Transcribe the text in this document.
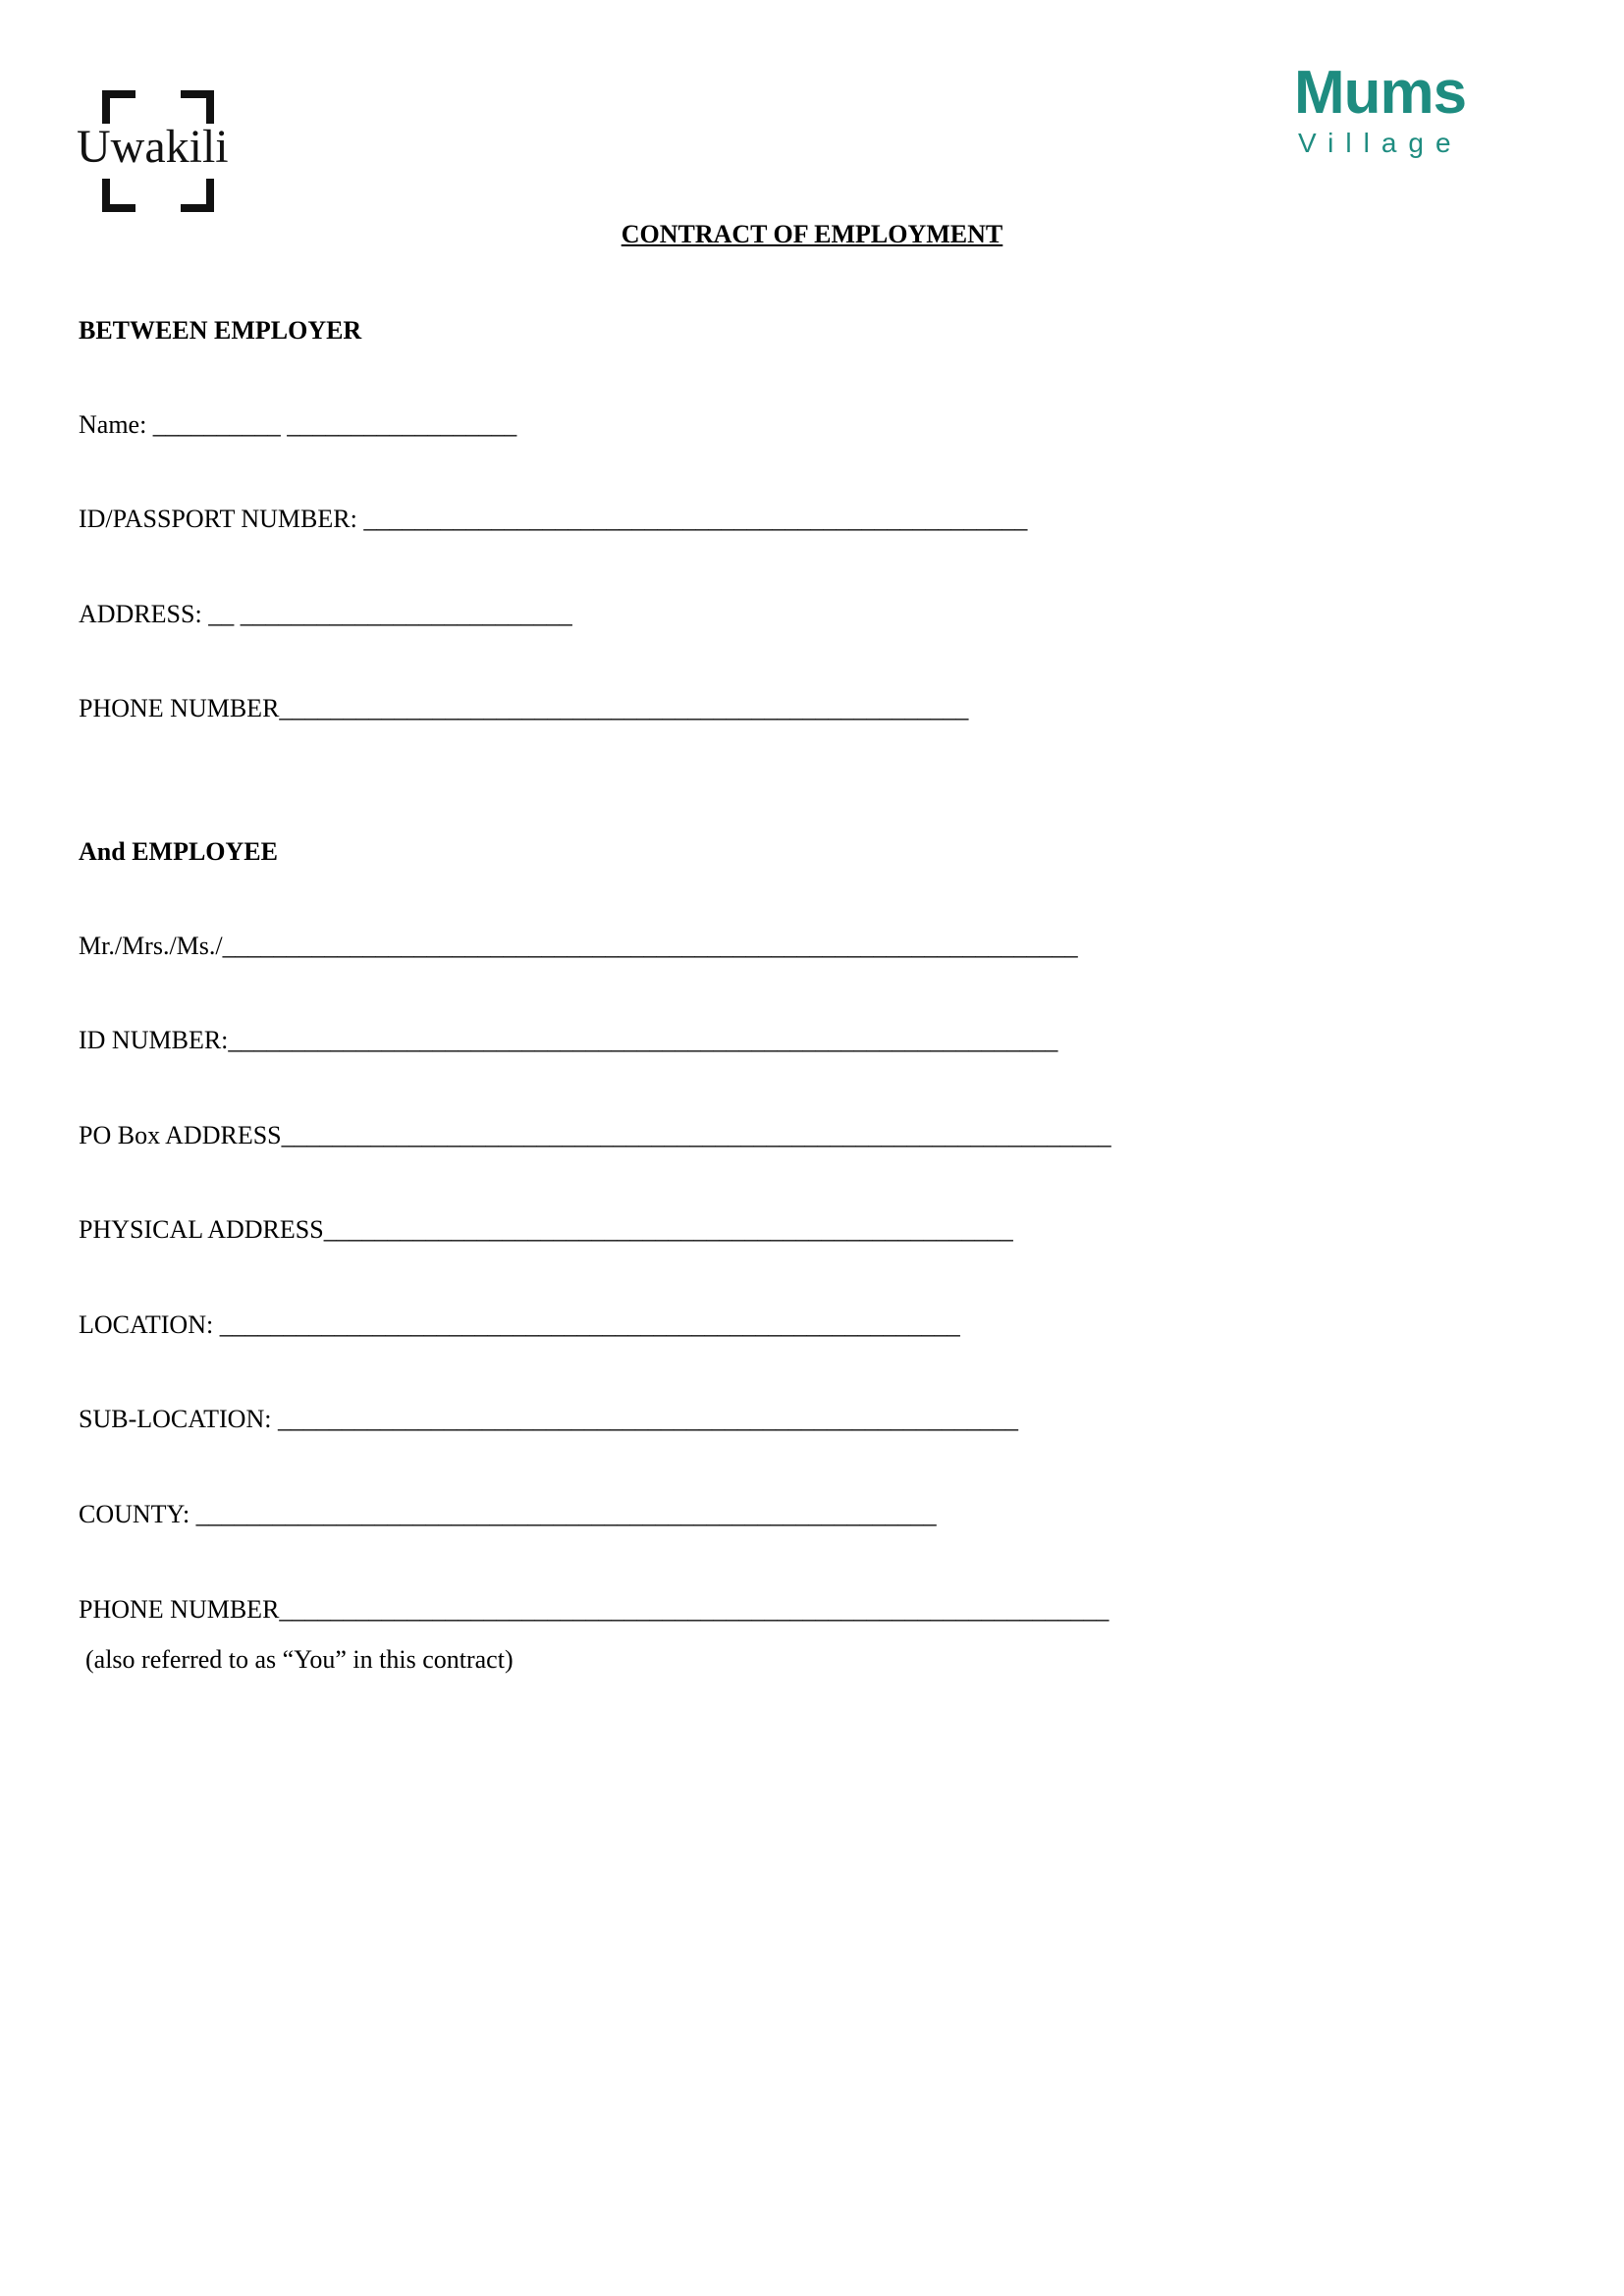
Uwakili
Mums
Village
CONTRACT OF EMPLOYMENT
BETWEEN EMPLOYER
Name: __________ __________________
ID/PASSPORT NUMBER: ____________________________________________________
ADDRESS: __ __________________________
PHONE NUMBER______________________________________________________
And EMPLOYEE
Mr./Mrs./Ms./___________________________________________________________________
ID NUMBER:_________________________________________________________________
PO Box ADDRESS_________________________________________________________________
PHYSICAL ADDRESS______________________________________________________
LOCATION: __________________________________________________________
SUB-LOCATION: __________________________________________________________
COUNTY: __________________________________________________________
PHONE NUMBER_________________________________________________________________
(also referred to as “You” in this contract)
